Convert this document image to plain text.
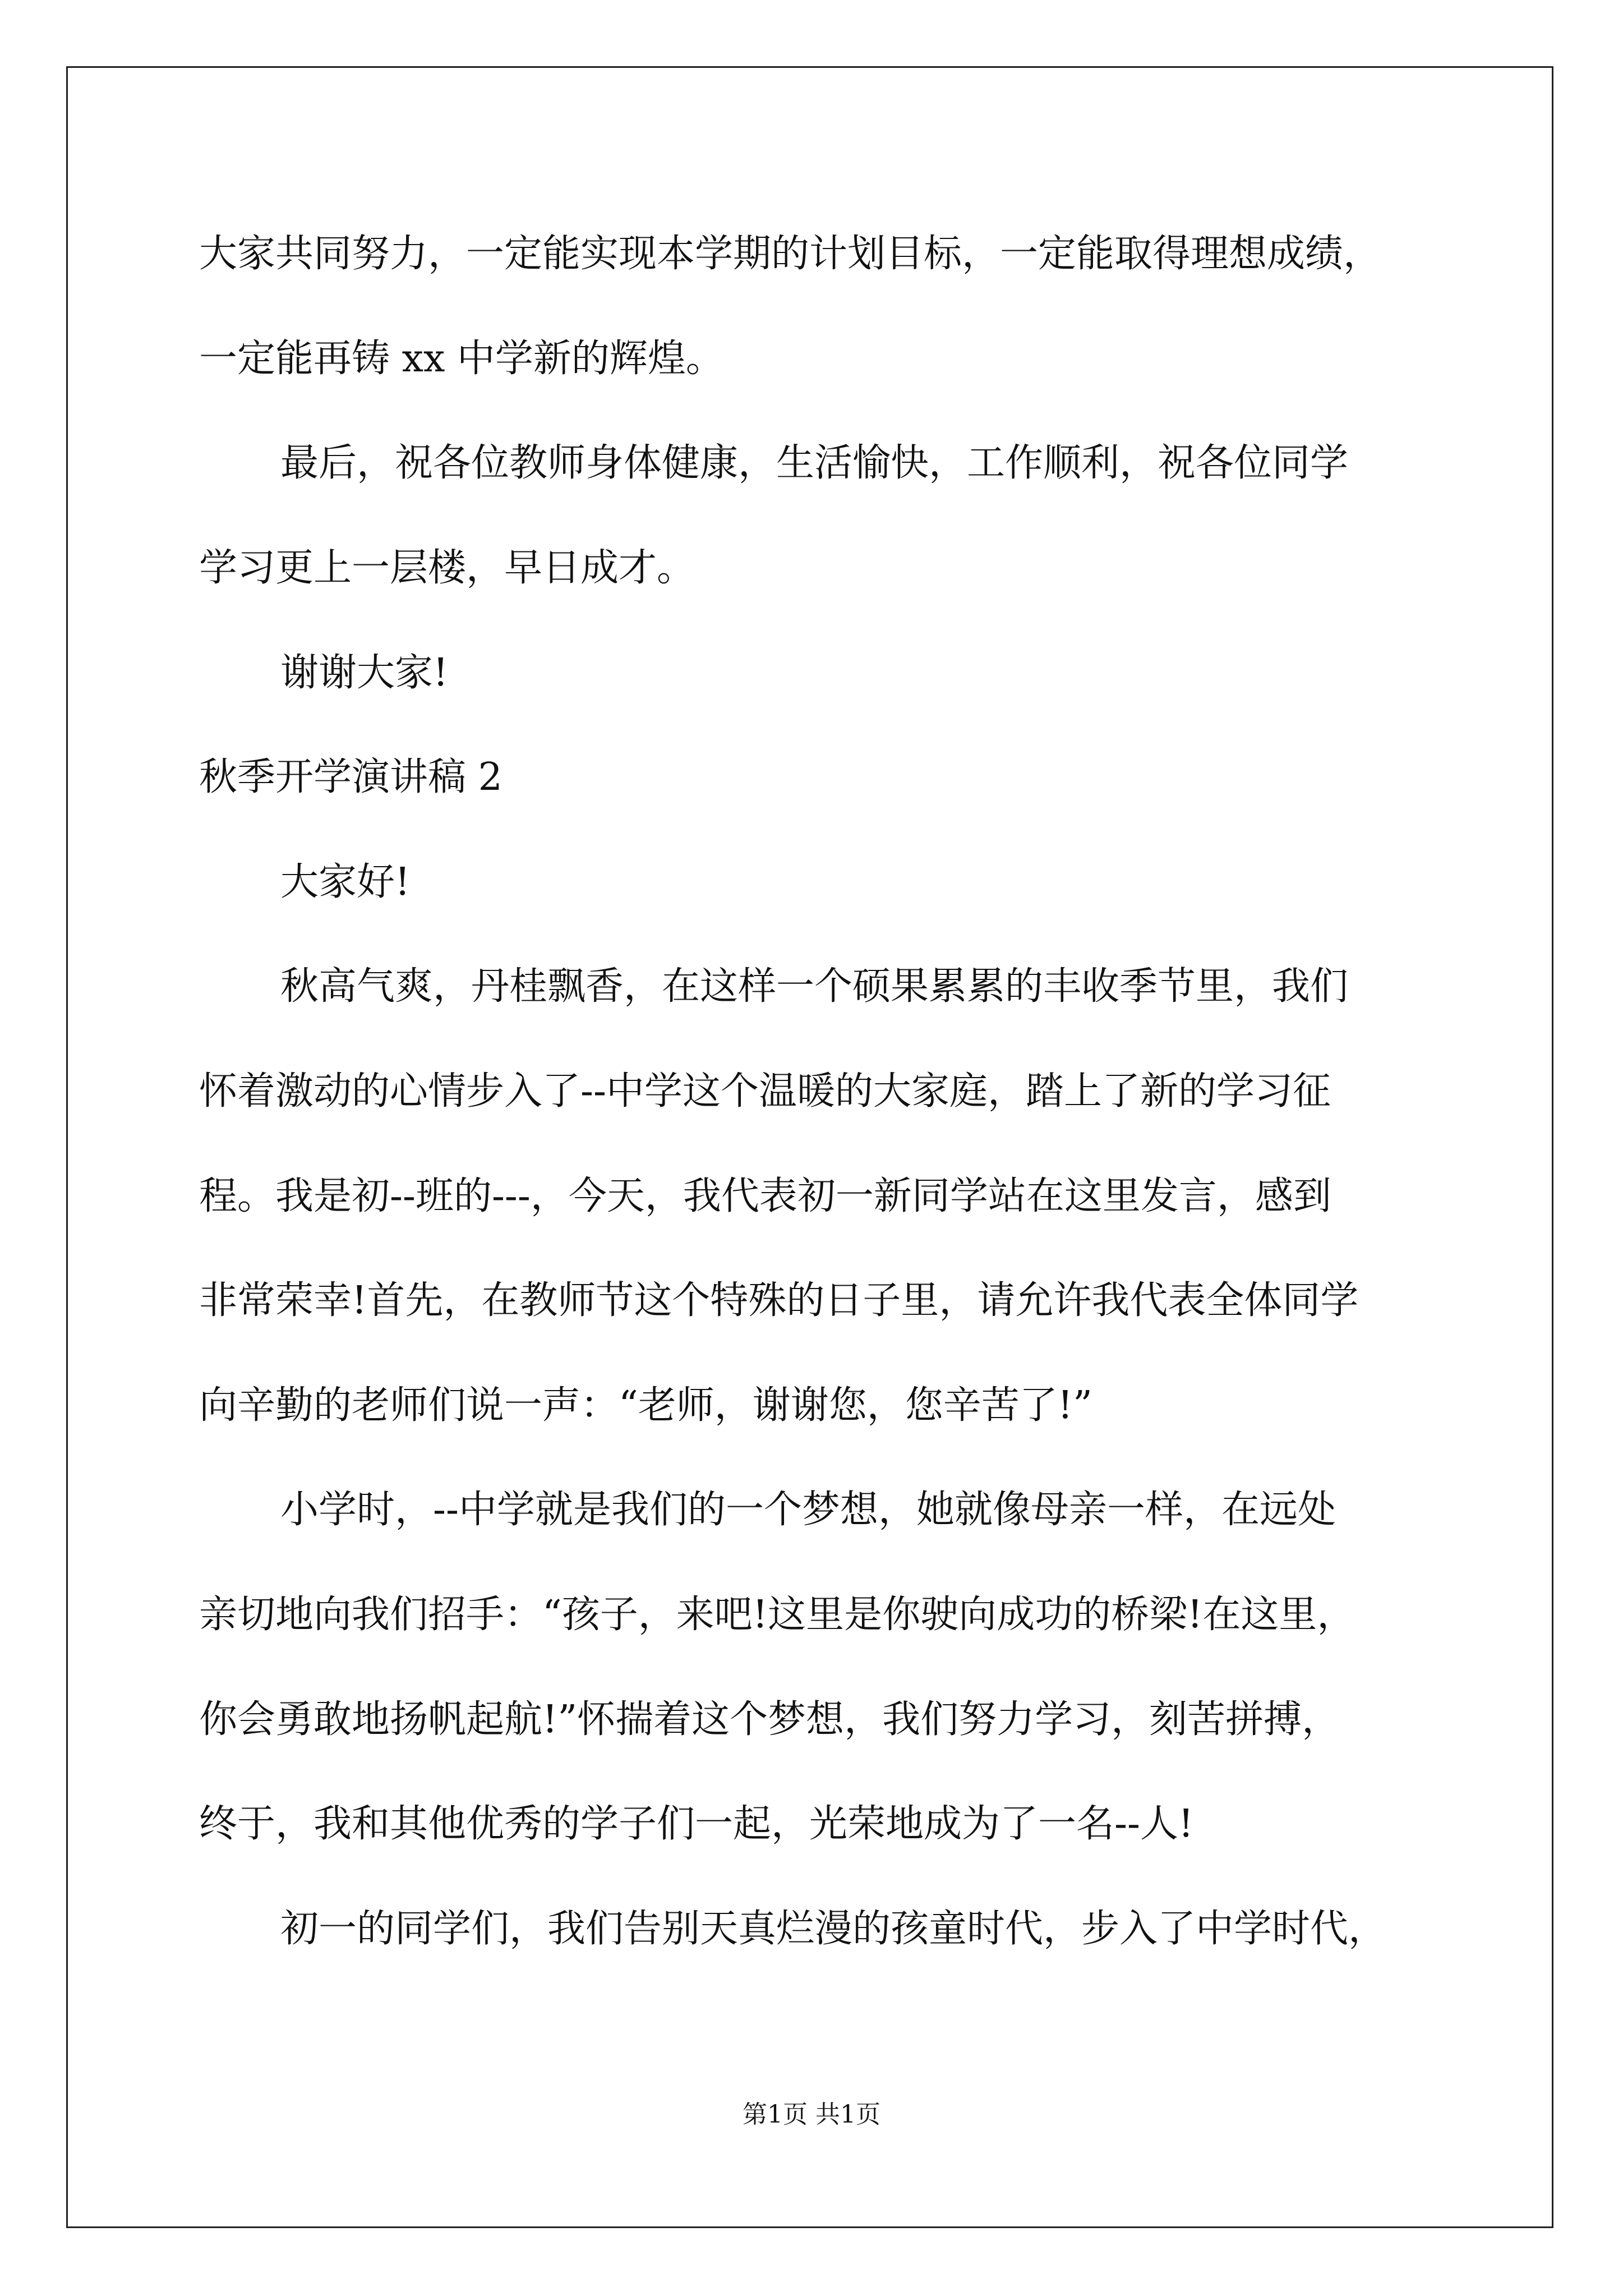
大家共同努力，一定能实现本学期的计划目标，一定能取得理想成绩，
一定能再铸 xx 中学新的辉煌。
最后，祝各位教师身体健康，生活愉快，工作顺利，祝各位同学
学习更上一层楼，早日成才。
谢谢大家!
秋季开学演讲稿 2
大家好!
秋高气爽，丹桂飘香，在这样一个硕果累累的丰收季节里，我们
怀着激动的心情步入了--中学这个温暖的大家庭，踏上了新的学习征
程。我是初--班的---，今天，我代表初一新同学站在这里发言，感到
非常荣幸!首先，在教师节这个特殊的日子里，请允许我代表全体同学
向辛勤的老师们说一声：“老师，谢谢您，您辛苦了!”
小学时，--中学就是我们的一个梦想，她就像母亲一样，在远处
亲切地向我们招手：“孩子，来吧!这里是你驶向成功的桥梁!在这里，
你会勇敢地扬帆起航!”怀揣着这个梦想，我们努力学习，刻苦拼搏，
终于，我和其他优秀的学子们一起，光荣地成为了一名--人!
初一的同学们，我们告别天真烂漫的孩童时代，步入了中学时代，
第1页 共1页
